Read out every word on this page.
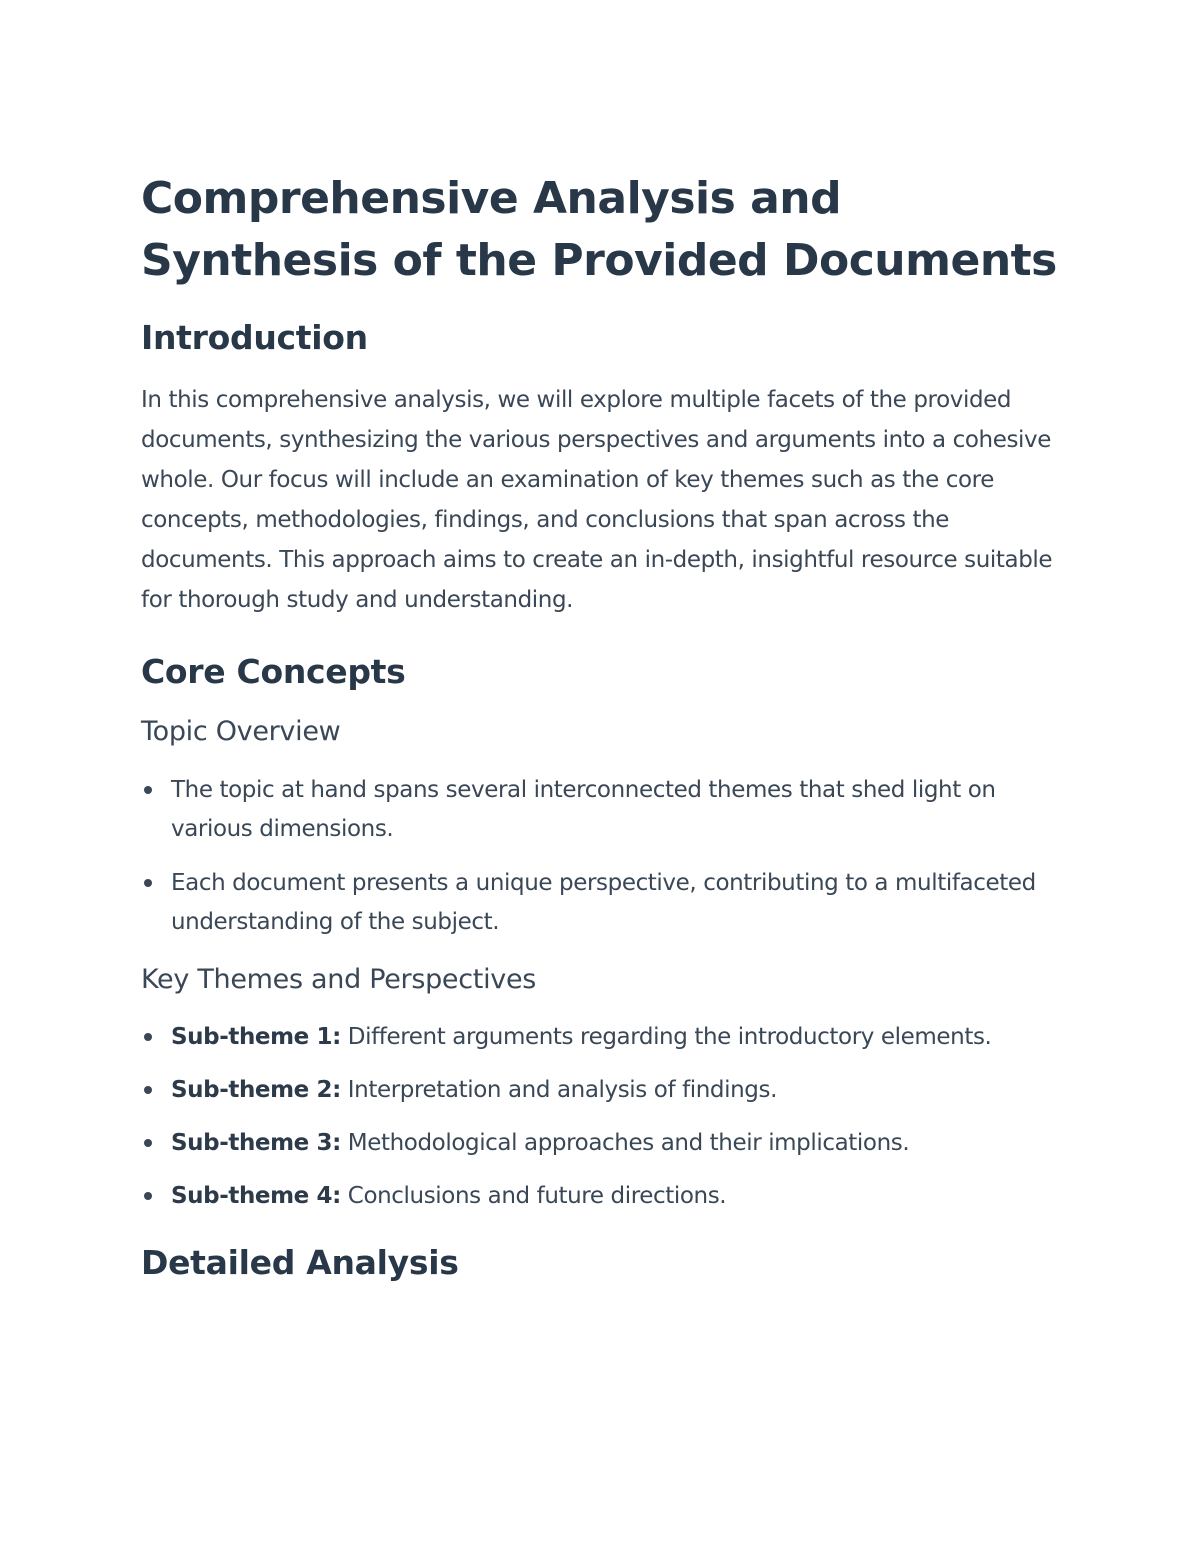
Comprehensive Analysis and Synthesis of the Provided Documents
Introduction

In this comprehensive analysis, we will explore multiple facets of the provided documents, synthesizing the various perspectives and arguments into a cohesive whole. Our focus will include an examination of key themes such as the core concepts, methodologies, findings, and conclusions that span across the documents. This approach aims to create an in-depth, insightful resource suitable for thorough study and understanding.

Core Concepts
Topic Overview
The topic at hand spans several interconnected themes that shed light on various dimensions.
Each document presents a unique perspective, contributing to a multifaceted understanding of the subject.
Key Themes and Perspectives
Sub-theme 1: Different arguments regarding the introductory elements.
Sub-theme 2: Interpretation and analysis of findings.
Sub-theme 3: Methodological approaches and their implications.
Sub-theme 4: Conclusions and future directions.
Detailed Analysis
